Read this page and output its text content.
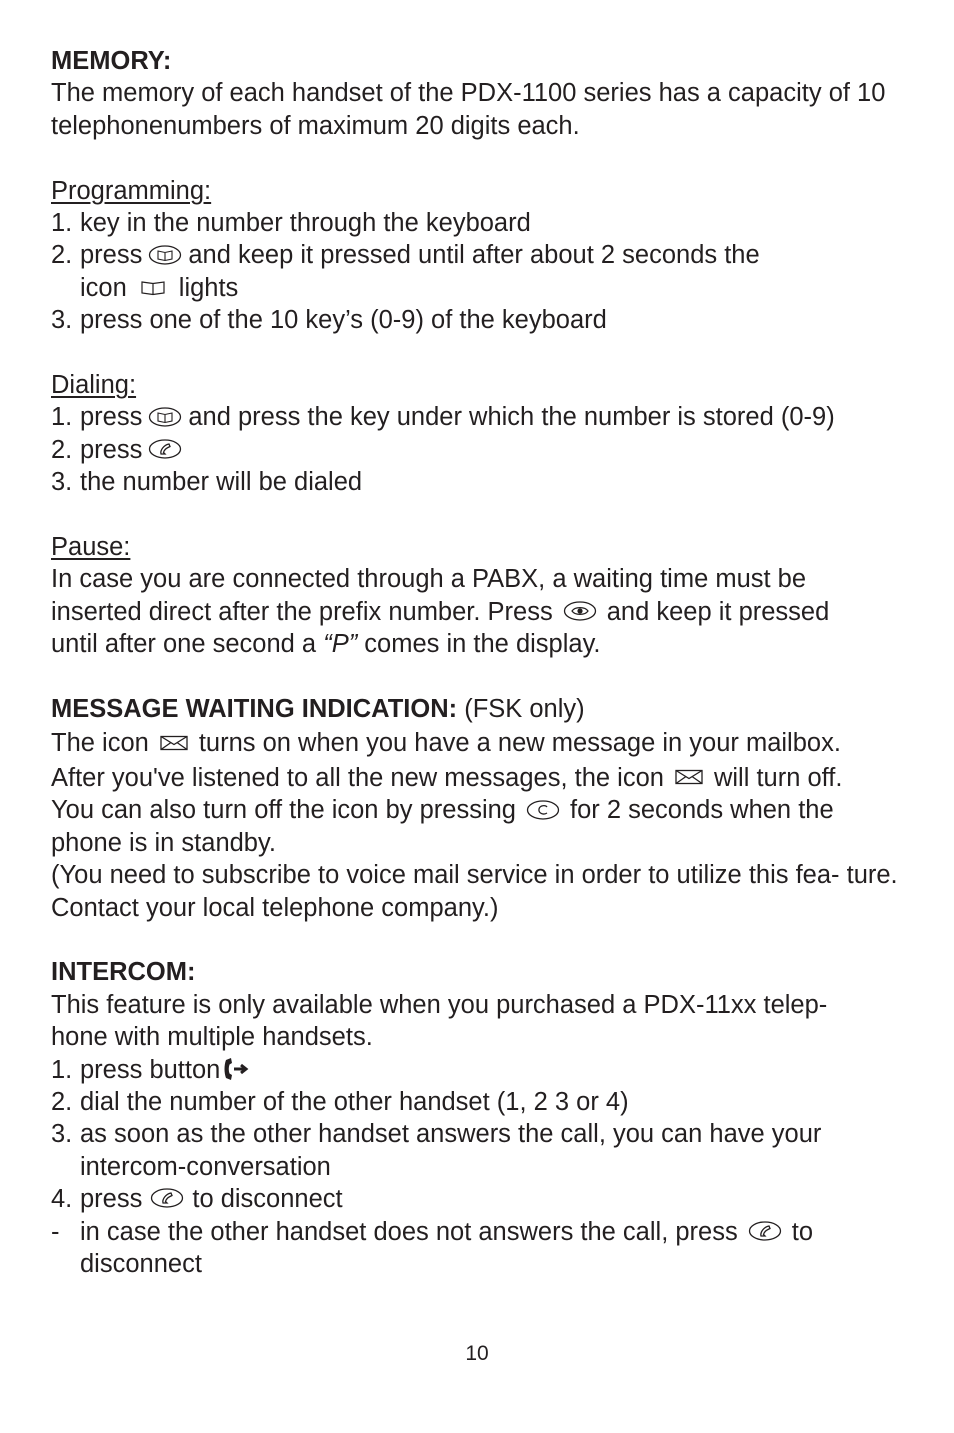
MEMORY:

The memory of each handset of the PDX-1100 series has a capacity of 10 telephonenumbers of maximum 20 digits each.

Programming:

1. key in the number through the keyboard
2. press and keep it pressed until after about 2 seconds the
icon lights
3. press one of the 10 key’s (0-9) of the keyboard

Dialing:

1. press and press the key under which the number is stored (0-9)
2. press
3. the number will be dialed

Pause:

In case you are connected through a PABX, a waiting time must be

inserted direct after the prefix number. Press and keep it pressed

until after one second a “P” comes in the display.

MESSAGE WAITING INDICATION: (FSK only)

The icon turns on when you have a new message in your mailbox.

After you've listened to all the new messages, the icon will turn off.

You can also turn off the icon by pressing for 2 seconds when the

phone is in standby.

(You need to subscribe to voice mail service in order to utilize this fea- ture. Contact your local telephone company.)

INTERCOM:

This feature is only available when you purchased a PDX-11xx telep- hone with multiple handsets.

1. press button
2. dial the number of the other handset (1, 2 3 or 4)
3. as soon as the other handset answers the call, you can have your intercom-conversation
4. press to disconnect
- in case the other handset does not answers the call, press to disconnect
10
